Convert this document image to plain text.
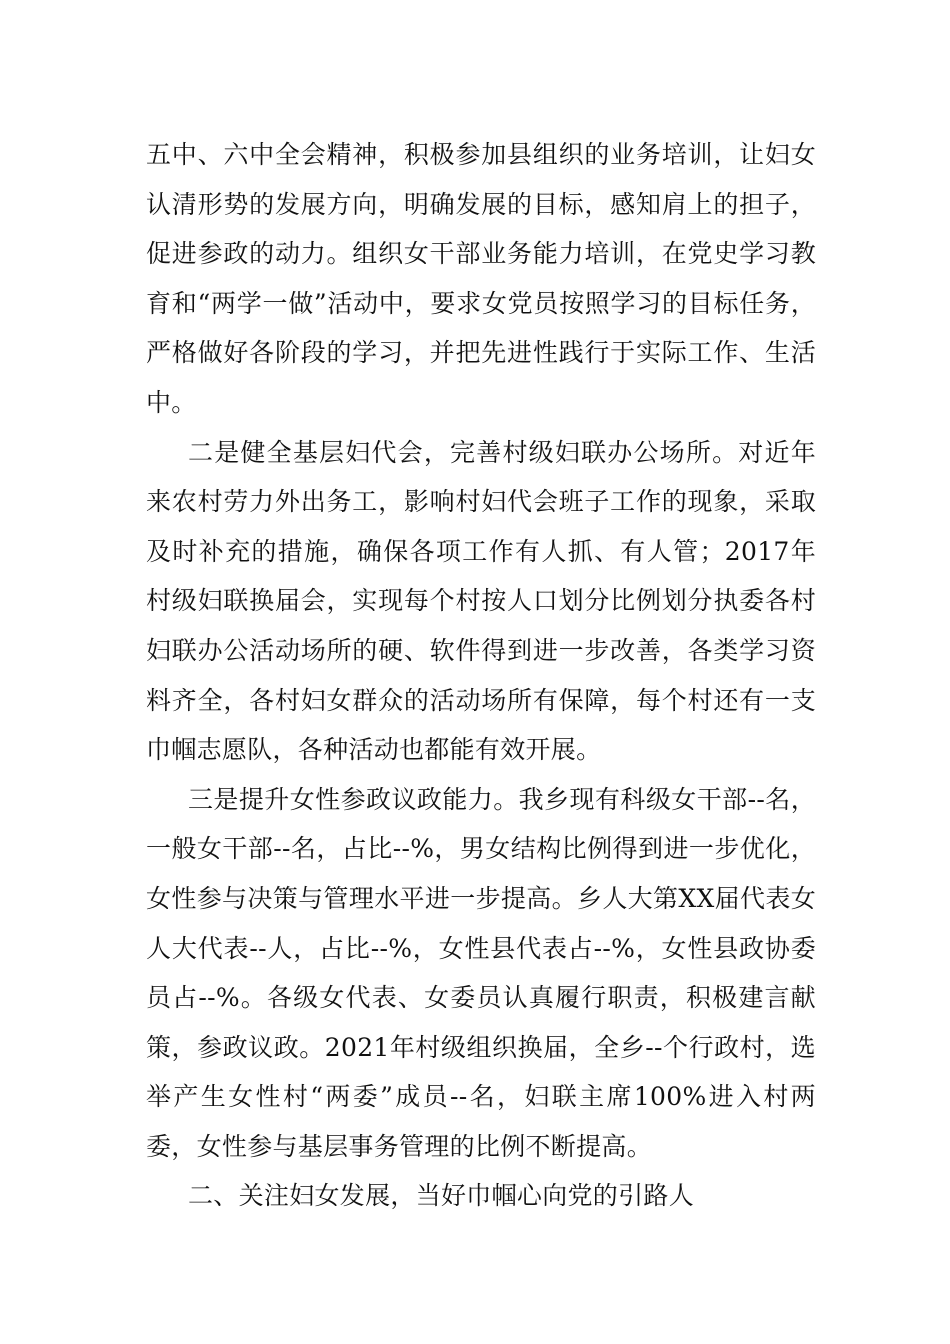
五中、六中全会精神，积极参加县组织的业务培训，让妇女认清形势的发展方向，明确发展的目标，感知肩上的担子，促进参政的动力。组织女干部业务能力培训，在党史学习教育和“两学一做”活动中，要求女党员按照学习的目标任务，严格做好各阶段的学习，并把先进性践行于实际工作、生活中。

二是健全基层妇代会，完善村级妇联办公场所。对近年来农村劳力外出务工，影响村妇代会班子工作的现象，采取及时补充的措施，确保各项工作有人抓、有人管；2017年村级妇联换届会，实现每个村按人口划分比例划分执委各村妇联办公活动场所的硬、软件得到进一步改善，各类学习资料齐全，各村妇女群众的活动场所有保障，每个村还有一支巾帼志愿队，各种活动也都能有效开展。

三是提升女性参政议政能力。我乡现有科级女干部--名，一般女干部--名，占比--%，男女结构比例得到进一步优化，女性参与决策与管理水平进一步提高。乡人大第XX届代表女人大代表--人，占比--%，女性县代表占--%，女性县政协委员占--%。各级女代表、女委员认真履行职责，积极建言献策，参政议政。2021年村级组织换届，全乡--个行政村，选举产生女性村“两委”成员--名，妇联主席100%进入村两委，女性参与基层事务管理的比例不断提高。

二、关注妇女发展，当好巾帼心向党的引路人
